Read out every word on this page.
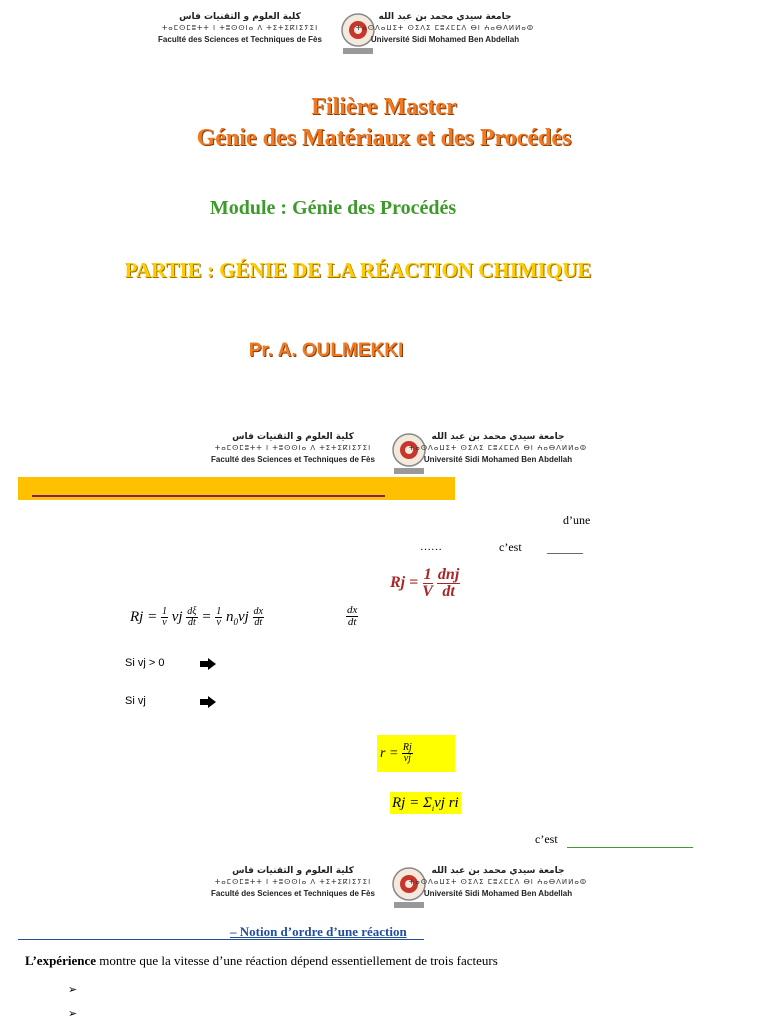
كلية العلوم و التقنيات فاس
ⵜⴰⵎⵙⵎⵓⵜⵜ ⵏ ⵜⵓⵙⵙⵏⴰ ⴷ ⵜⵉⵜⵉⴽⵏⵉⵢⵉⵏ
Faculté des Sciences et Techniques de Fès
جامعة سيدي محمد بن عبد الله
ⵜⴰⵙⴷⴰⵡⵉⵜ ⵙⵉⴷⵉ ⵎⵓⵃⵎⵎⴷ ⴱⵏ ⵄⴰⴱⴷⵍⵍⴰⵀ
Université Sidi Mohamed Ben Abdellah
Filière Master
Génie des Matériaux et des Procédés
Module : Génie des Procédés
PARTIE : GÉNIE DE LA RÉACTION CHIMIQUE
Pr. A. OULMEKKI
كلية العلوم و التقنيات فاس
ⵜⴰⵎⵙⵎⵓⵜⵜ ⵏ ⵜⵓⵙⵙⵏⴰ ⴷ ⵜⵉⵜⵉⴽⵏⵉⵢⵉⵏ
Faculté des Sciences et Techniques de Fès
جامعة سيدي محمد بن عبد الله
ⵜⴰⵙⴷⴰⵡⵉⵜ ⵙⵉⴷⵉ ⵎⵓⵃⵎⵎⴷ ⴱⵏ ⵄⴰⴱⴷⵍⵍⴰⵀ
Université Sidi Mohamed Ben Abdellah
d’une
……	c’est ______
$Rj = \frac{1}{V}$
$\frac{\text{dnj}}{dt}$
$Rj = \frac{1}{v}$ vj $\frac{d\xi}{dt} = \frac{1}{v} n_0vj \frac{dx}{dt}$	$\frac{dx}{dt}$
Si vj > 0
Si vj
r
=
$\frac{Rj}{vj}$
$Rj = \Sigma_ivj$ ri
c’est
كلية العلوم و التقنيات فاس
ⵜⴰⵎⵙⵎⵓⵜⵜ ⵏ ⵜⵓⵙⵙⵏⴰ ⴷ ⵜⵉⵜⵉⴽⵏⵉⵢⵉⵏ
Faculté des Sciences et Techniques de Fès
جامعة سيدي محمد بن عبد الله
ⵜⴰⵙⴷⴰⵡⵉⵜ ⵙⵉⴷⵉ ⵎⵓⵃⵎⵎⴷ ⴱⵏ ⵄⴰⴱⴷⵍⵍⴰⵀ
Université Sidi Mohamed Ben Abdellah
– Notion d’ordre d’une réaction
L’expérience montre que la vitesse d’une réaction dépend essentiellement de trois facteurs
➢
➢
